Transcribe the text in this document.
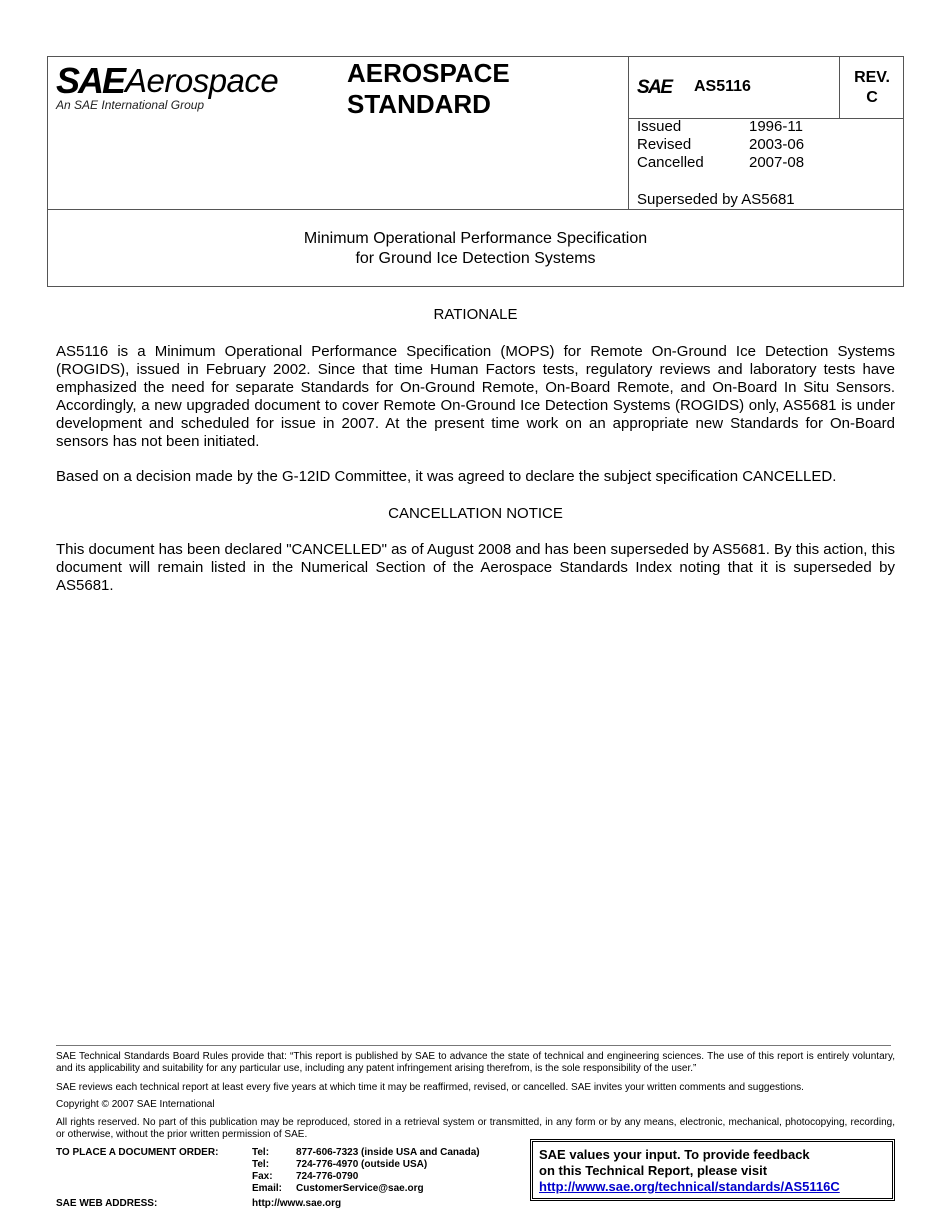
SAE Aerospace
An SAE International Group
AEROSPACE
STANDARD
SAE AS5116
REV.
C
Issued	1996-11
Revised	2003-06
Cancelled	2007-08
Superseded by AS5681
Minimum Operational Performance Specification
for Ground Ice Detection Systems
RATIONALE
AS5116 is a Minimum Operational Performance Specification (MOPS) for Remote On-Ground Ice Detection Systems (ROGIDS), issued in February 2002. Since that time Human Factors tests, regulatory reviews and laboratory tests have emphasized the need for separate Standards for On-Ground Remote, On-Board Remote, and On-Board In Situ Sensors. Accordingly, a new upgraded document to cover Remote On-Ground Ice Detection Systems (ROGIDS) only, AS5681 is under development and scheduled for issue in 2007. At the present time work on an appropriate new Standards for On-Board sensors has not been initiated.
Based on a decision made by the G-12ID Committee, it was agreed to declare the subject specification CANCELLED.
CANCELLATION NOTICE
This document has been declared "CANCELLED" as of August 2008 and has been superseded by AS5681. By this action, this document will remain listed in the Numerical Section of the Aerospace Standards Index noting that it is superseded by AS5681.
SAE Technical Standards Board Rules provide that: “This report is published by SAE to advance the state of technical and engineering sciences. The use of this report is entirely voluntary, and its applicability and suitability for any particular use, including any patent infringement arising therefrom, is the sole responsibility of the user.”
SAE reviews each technical report at least every five years at which time it may be reaffirmed, revised, or cancelled. SAE invites your written comments and suggestions.
Copyright © 2007 SAE International
All rights reserved. No part of this publication may be reproduced, stored in a retrieval system or transmitted, in any form or by any means, electronic, mechanical, photocopying, recording, or otherwise, without the prior written permission of SAE.
TO PLACE A DOCUMENT ORDER:	Tel:	877-606-7323 (inside USA and Canada)
Tel:	724-776-4970 (outside USA)
Fax: 724-776-0790
Email: CustomerService@sae.org
SAE WEB ADDRESS:	http://www.sae.org
SAE values your input. To provide feedback
on this Technical Report, please visit
http://www.sae.org/technical/standards/AS5116C
